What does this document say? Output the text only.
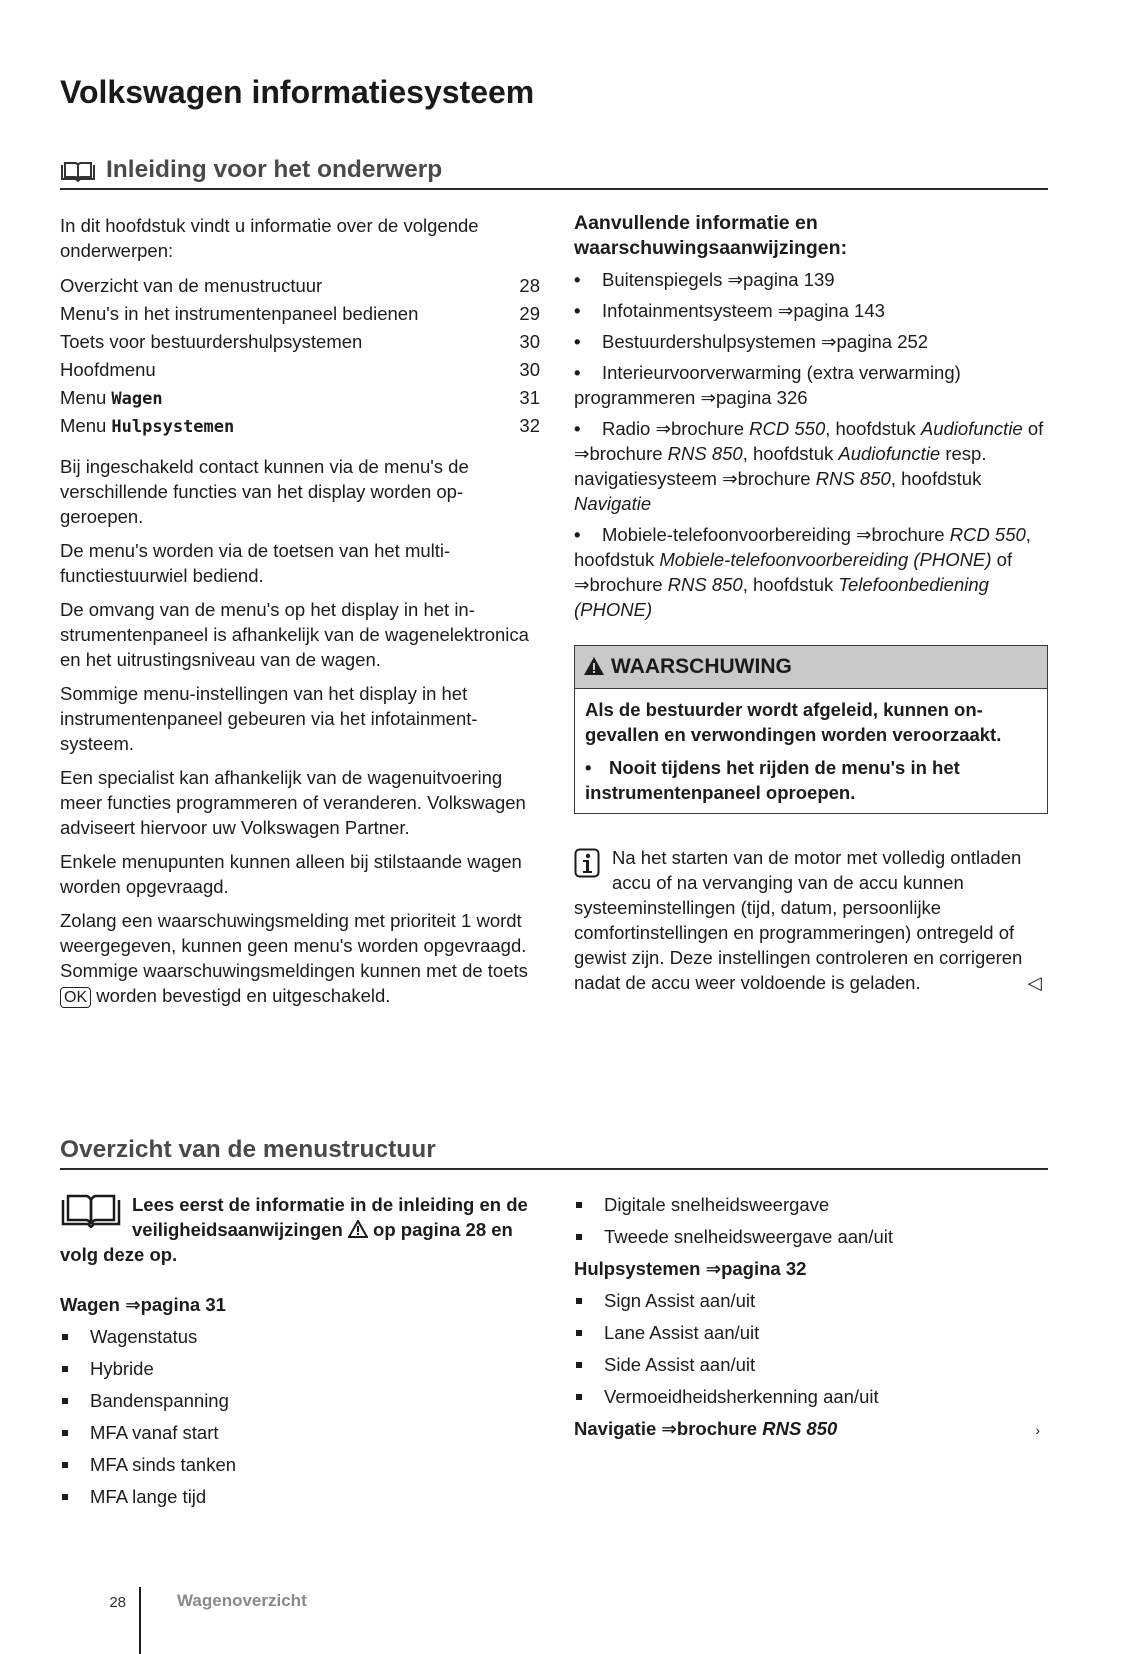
Volkswagen informatiesysteem
Inleiding voor het onderwerp

In dit hoofdstuk vindt u informatie over de volgende onderwerpen:

Overzicht van de menustructuur	28
Menu's in het instrumentenpaneel bedienen	29
Toets voor bestuurdershulpsystemen	30
Hoofdmenu	30
Menu Wagen	31
Menu Hulpsystemen	32

Bij ingeschakeld contact kunnen via de menu's de verschillende functies van het display worden opgeroepen.

De menu's worden via de toetsen van het multifunctiestuurwiel bediend.

De omvang van de menu's op het display in het instrumentenpaneel is afhankelijk van de wagenelektronica en het uitrustingsniveau van de wagen.

Sommige menu-instellingen van het display in het instrumentenpaneel gebeuren via het infotainmentsysteem.

Een specialist kan afhankelijk van de wagenuitvoering meer functies programmeren of veranderen. Volkswagen adviseert hiervoor uw Volkswagen Partner.

Enkele menupunten kunnen alleen bij stilstaande wagen worden opgevraagd.

Zolang een waarschuwingsmelding met prioriteit 1 wordt weergegeven, kunnen geen menu's worden opgevraagd. Sommige waarschuwingsmeldingen kunnen met de toets OK worden bevestigd en uitgeschakeld.

Aanvullende informatie en waarschuwingsaanwijzingen:
• Buitenspiegels ⇒pagina 139
• Infotainmentsysteem ⇒pagina 143
• Bestuurdershulpsystemen ⇒pagina 252
• Interieurvoorverwarming (extra verwarming) programmeren ⇒pagina 326
• Radio ⇒brochure RCD 550, hoofdstuk Audiofunctie of ⇒brochure RNS 850, hoofdstuk Audiofunctie resp. navigatiesysteem ⇒brochure RNS 850, hoofdstuk Navigatie
• Mobiele-telefoonvoorbereiding ⇒brochure RCD 550, hoofdstuk Mobiele-telefoonvoorbereiding (PHONE) of ⇒brochure RNS 850, hoofdstuk Telefoonbediening (PHONE)
WAARSCHUWING
Als de bestuurder wordt afgeleid, kunnen ongevallen en verwondingen worden veroorzaakt.
• Nooit tijdens het rijden de menu's in het instrumentenpaneel oproepen.
Na het starten van de motor met volledig ontladen accu of na vervanging van de accu kunnen systeeminstellingen (tijd, datum, persoonlijke comfortinstellingen en programmeringen) ontregeld of gewist zijn. Deze instellingen controleren en corrigeren nadat de accu weer voldoende is geladen.	◁
Overzicht van de menustructuur
Lees eerst de informatie in de inleiding en de veiligheidsaanwijzingen op pagina 28 en volg deze op.
Wagen ⇒pagina 31
Wagenstatus
Hybride
Bandenspanning
MFA vanaf start
MFA sinds tanken
MFA lange tijd
Digitale snelheidsweergave
Tweede snelheidsweergave aan/uit
Hulpsystemen ⇒pagina 32
Sign Assist aan/uit
Lane Assist aan/uit
Side Assist aan/uit
Vermoeidheidsherkenning aan/uit
Navigatie ⇒brochure RNS 850	›
28	Wagenoverzicht
